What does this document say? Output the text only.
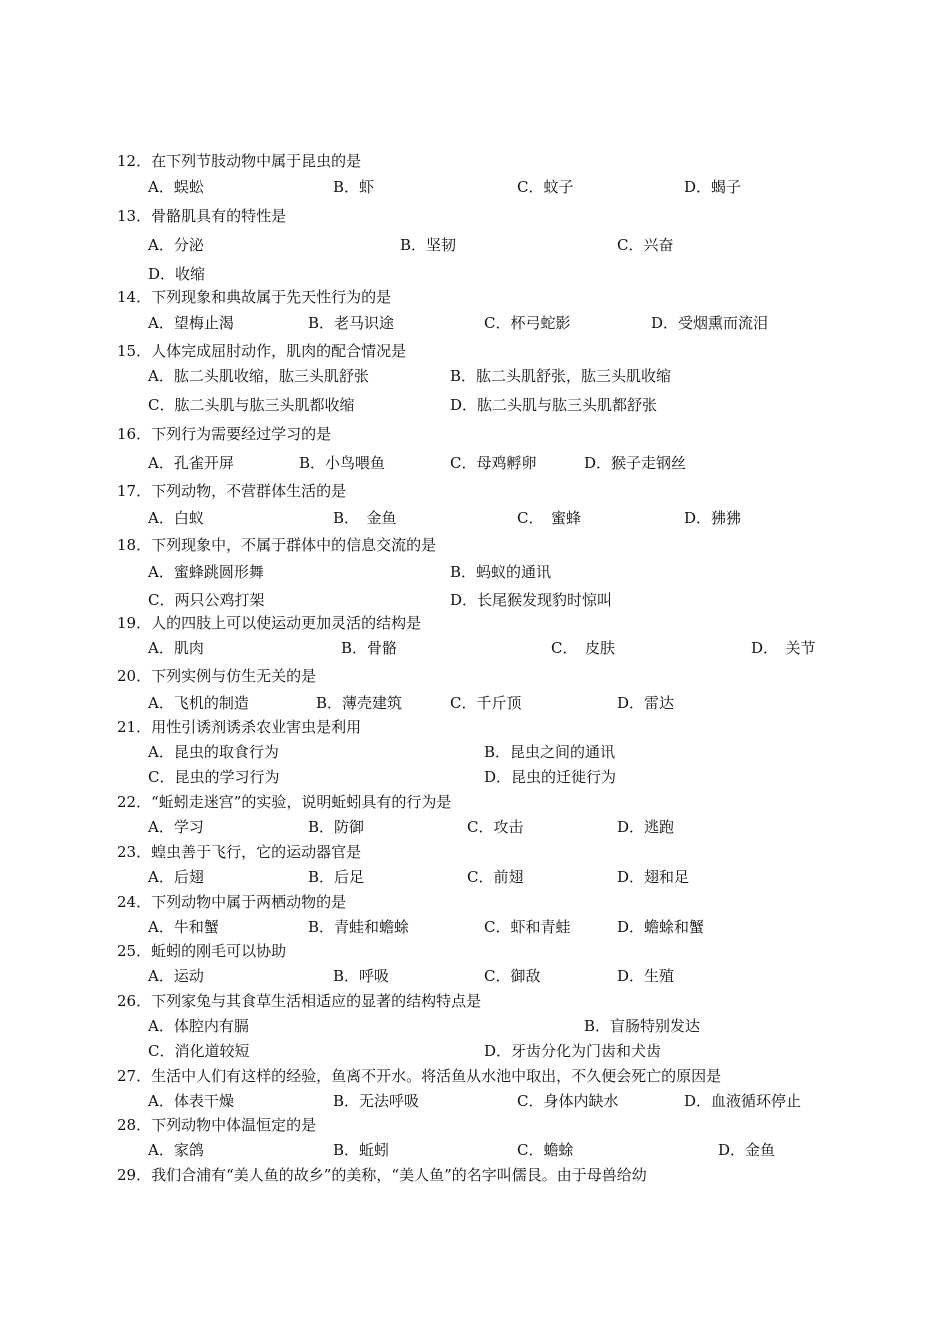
12．在下列节肢动物中属于昆虫的是
A．蜈蚣	B．虾	C．蚊子	D．蝎子
13．骨骼肌具有的特性是
A．分泌	B．坚韧	C．兴奋
D．收缩
14．下列现象和典故属于先天性行为的是
A．望梅止渴	B．老马识途	C．杯弓蛇影	D．受烟熏而流泪
15．人体完成屈肘动作，肌肉的配合情况是
A．肱二头肌收缩，肱三头肌舒张	B．肱二头肌舒张，肱三头肌收缩
C．肱二头肌与肱三头肌都收缩	D．肱二头肌与肱三头肌都舒张
16．下列行为需要经过学习的是
A．孔雀开屏	B．小鸟喂鱼	C．母鸡孵卵	D．猴子走钢丝
17．下列动物，不营群体生活的是
A．白蚁	B．　金鱼	C．　蜜蜂	D．狒狒
18．下列现象中，不属于群体中的信息交流的是
A．蜜蜂跳圆形舞	B．蚂蚁的通讯
C．两只公鸡打架	D．长尾猴发现豹时惊叫
19．人的四肢上可以使运动更加灵活的结构是
A．肌肉	B．骨骼	C．　皮肤	D．　关节
20．下列实例与仿生无关的是
A．飞机的制造	B．薄壳建筑	C．千斤顶	D．雷达
21．用性引诱剂诱杀农业害虫是利用
A．昆虫的取食行为	B．昆虫之间的通讯
C．昆虫的学习行为	D．昆虫的迁徙行为
22．“蚯蚓走迷宫”的实验，说明蚯蚓具有的行为是
A．学习	B．防御	C．攻击	D．逃跑
23．蝗虫善于飞行，它的运动器官是
A．后翅	B．后足	C．前翅	D．翅和足
24．下列动物中属于两栖动物的是
A．牛和蟹	B．青蛙和蟾蜍	C．虾和青蛙	D．蟾蜍和蟹
25．蚯蚓的刚毛可以协助
A．运动	B．呼吸	C．御敌	D．生殖
26．下列家兔与其食草生活相适应的显著的结构特点是
A．体腔内有膈	B．盲肠特别发达
C．消化道较短	D．牙齿分化为门齿和犬齿
27．生活中人们有这样的经验，鱼离不开水。将活鱼从水池中取出，不久便会死亡的原因是
A．体表干燥	B．无法呼吸	C．身体内缺水	D．血液循环停止
28．下列动物中体温恒定的是
A．家鸽	B．蚯蚓	C．蟾蜍	D．金鱼
29．我们合浦有“美人鱼的故乡”的美称，“美人鱼”的名字叫儒艮。由于母兽给幼
